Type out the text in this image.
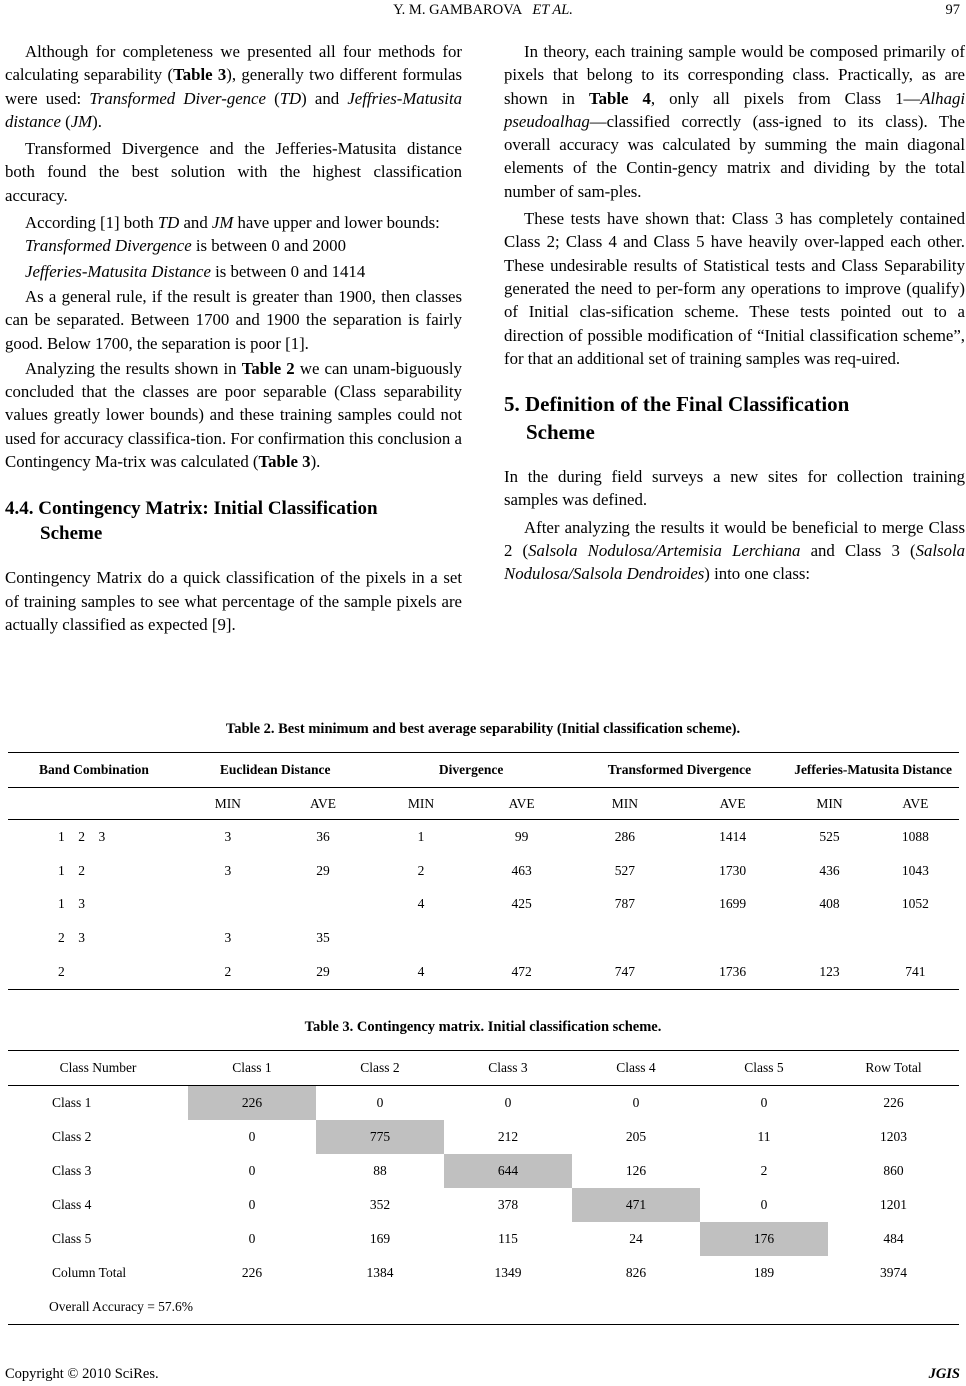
Y. M. GAMBAROVA ET AL.	97

Although for completeness we presented all four methods for calculating separability (Table 3), generally two different formulas were used: Transformed Diver-gence (TD) and Jeffries-Matusita distance (JM).

Transformed Divergence and the Jefferies-Matusita distance both found the best solution with the highest classification accuracy.

According [1] both TD and JM have upper and lower bounds:

Transformed Divergence is between 0 and 2000

Jefferies-Matusita Distance is between 0 and 1414

As a general rule, if the result is greater than 1900, then classes can be separated. Between 1700 and 1900 the separation is fairly good. Below 1700, the separation is poor [1].

Analyzing the results shown in Table 2 we can unam-biguously concluded that the classes are poor separable (Class separability values greatly lower bounds) and these training samples could not used for accuracy classifica-tion. For confirmation this conclusion a Contingency Ma-trix was calculated (Table 3).

4.4. Contingency Matrix: Initial Classification
Scheme

Contingency Matrix do a quick classification of the pixels in a set of training samples to see what percentage of the sample pixels are actually classified as expected [9].

In theory, each training sample would be composed primarily of pixels that belong to its corresponding class. Practically, as are shown in Table 4, only all pixels from Class 1—Alhagi pseudoalhag—classified correctly (ass-igned to its class). The overall accuracy was calculated by summing the main diagonal elements of the Contin-gency matrix and dividing by the total number of sam-ples.

These tests have shown that: Class 3 has completely contained Class 2; Class 4 and Class 5 have heavily over-lapped each other. These undesirable results of Statistical tests and Class Separability generated the need to per-form any operations to improve (qualify) of Initial clas-sification scheme. These tests pointed out to a direction of possible modification of “Initial classification scheme”, for that an additional set of training samples was req-uired.

5. Definition of the Final Classification
Scheme

In the during field surveys a new sites for collection training samples was defined.

After analyzing the results it would be beneficial to merge Class 2 (Salsola Nodulosa/Artemisia Lerchiana and Class 3 (Salsola Nodulosa/Salsola Dendroides) into one class:

Table 2. Best minimum and best average separability (Initial classification scheme).
Band Combination	Euclidean Distance		Divergence		Transformed Divergence		Jefferies-Matusita Distance	
	MIN	AVE	MIN	AVE	MIN	AVE	MIN	AVE
1    2    3	3	36	1	99	286	1414	525	1088
1    2	3	29	2	463	527	1730	436	1043
1    3			4	425	787	1699	408	1052
2    3	3	35						
2	2	29	4	472	747	1736	123	741
Table 3. Contingency matrix. Initial classification scheme.
Class Number	Class 1	Class 2	Class 3	Class 4	Class 5	Row Total
Class 1	226	0	0	0	0	226
Class 2	0	775	212	205	11	1203
Class 3	0	88	644	126	2	860
Class 4	0	352	378	471	0	1201
Class 5	0	169	115	24	176	484
Column Total	226	1384	1349	826	189	3974
Overall Accuracy = 57.6%						
Copyright © 2010 SciRes.	JGIS
